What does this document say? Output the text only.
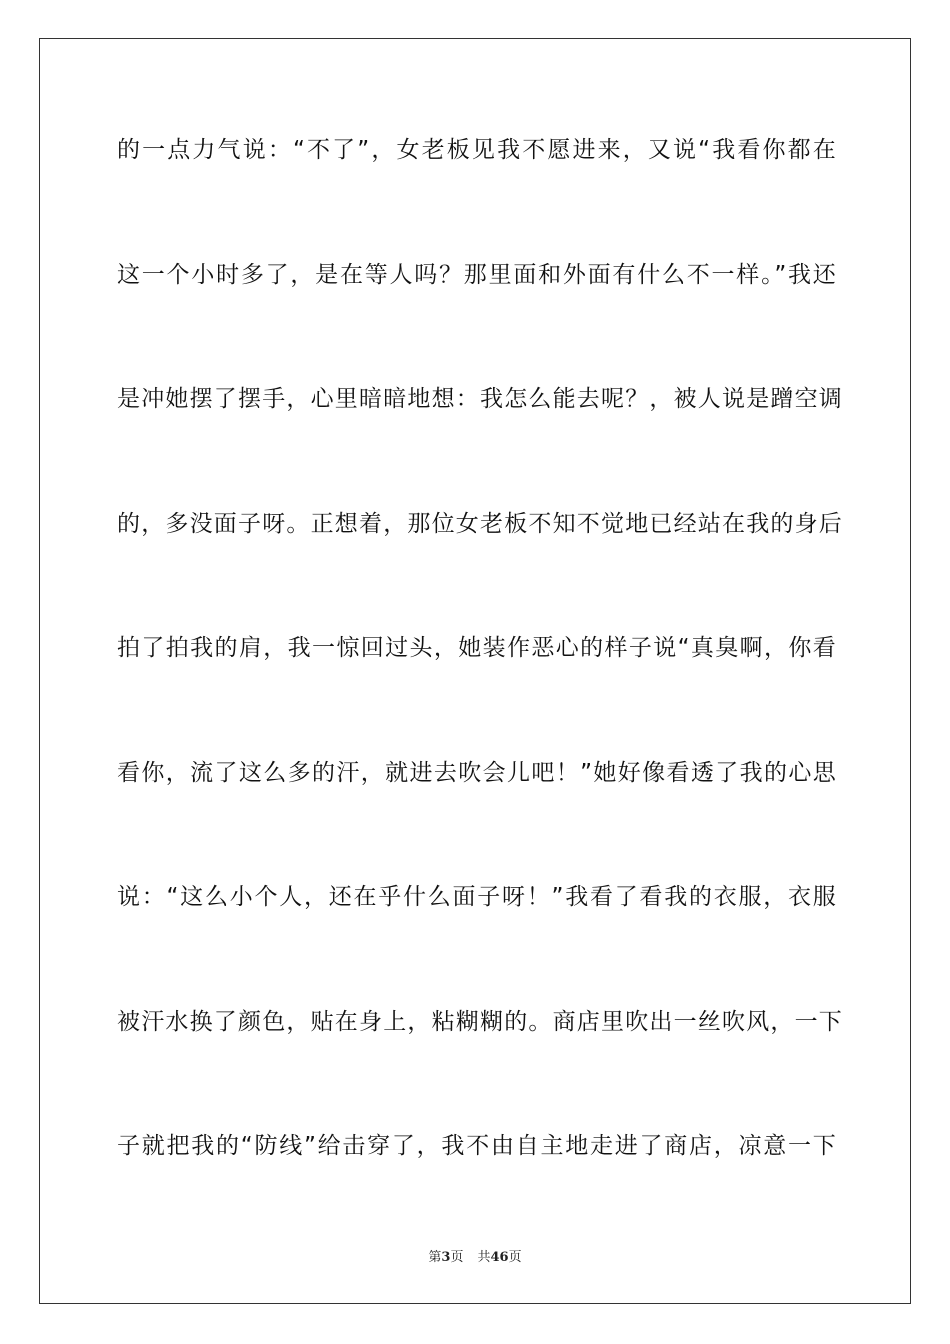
的一点力气说：“不了”，女老板见我不愿进来，又说“我看你都在
这一个小时多了，是在等人吗？那里面和外面有什么不一样。”我还
是冲她摆了摆手，心里暗暗地想：我怎么能去呢？，被人说是蹭空调
的，多没面子呀。正想着，那位女老板不知不觉地已经站在我的身后
拍了拍我的肩，我一惊回过头，她装作恶心的样子说“真臭啊，你看
看你，流了这么多的汗，就进去吹会儿吧！”她好像看透了我的心思
说：“这么小个人，还在乎什么面子呀！”我看了看我的衣服，衣服
被汗水换了颜色，贴在身上，粘糊糊的。商店里吹出一丝吹风，一下
子就把我的“防线”给击穿了，我不由自主地走进了商店，凉意一下
第3页 共46页
